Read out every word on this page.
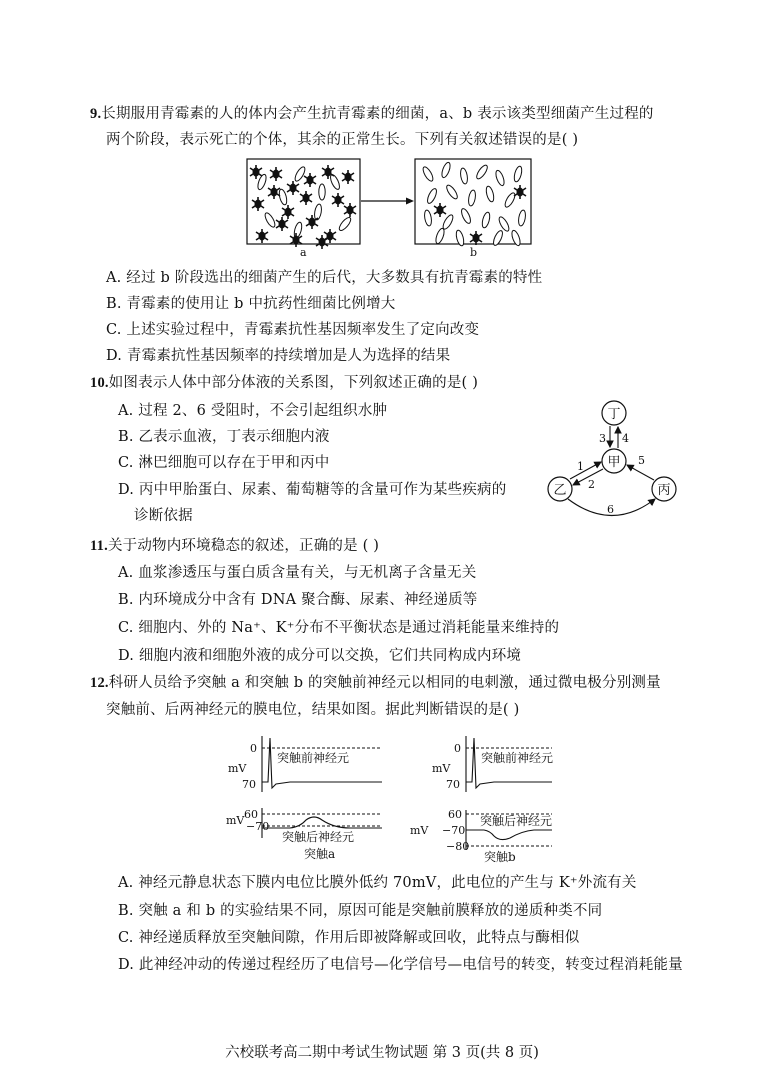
9.长期服用青霉素的人的体内会产生抗青霉素的细菌，a、b 表示该类型细菌产生过程的
两个阶段，表示死亡的个体，其余的正常生长。下列有关叙述错误的是( )
a	b
A. 经过 b 阶段选出的细菌产生的后代，大多数具有抗青霉素的特性
B. 青霉素的使用让 b 中抗药性细菌比例增大
C. 上述实验过程中，青霉素抗性基因频率发生了定向改变
D. 青霉素抗性基因频率的持续增加是人为选择的结果
10.如图表示人体中部分体液的关系图，下列叙述正确的是( )
A. 过程 2、6 受阻时，不会引起组织水肿
B. 乙表示血液，丁表示细胞内液
C. 淋巴细胞可以存在于甲和丙中
D. 丙中甲胎蛋白、尿素、葡萄糖等的含量可作为某些疾病的
诊断依据
丁
甲
乙	丙
3 4
1
2
5
6
11.关于动物内环境稳态的叙述，正确的是 ( )
A. 血浆渗透压与蛋白质含量有关，与无机离子含量无关
B. 内环境成分中含有 DNA 聚合酶、尿素、神经递质等
C. 细胞内、外的 Na⁺、K⁺分布不平衡状态是通过消耗能量来维持的
D. 细胞内液和细胞外液的成分可以交换，它们共同构成内环境
12.科研人员给予突触 a 和突触 b 的突触前神经元以相同的电刺激，通过微电极分别测量
突触前、后两神经元的膜电位，结果如图。据此判断错误的是( )
0
70
mV
突触前神经元
60
−70
mV
突触后神经元
突触a
0
70
mV
突触前神经元
60
−70
−80
mV
突触后神经元
突触b
A. 神经元静息状态下膜内电位比膜外低约 70mV，此电位的产生与 K⁺外流有关
B. 突触 a 和 b 的实验结果不同，原因可能是突触前膜释放的递质种类不同
C. 神经递质释放至突触间隙，作用后即被降解或回收，此特点与酶相似
D. 此神经冲动的传递过程经历了电信号—化学信号—电信号的转变，转变过程消耗能量
六校联考高二期中考试生物试题 第 3 页(共 8 页)
